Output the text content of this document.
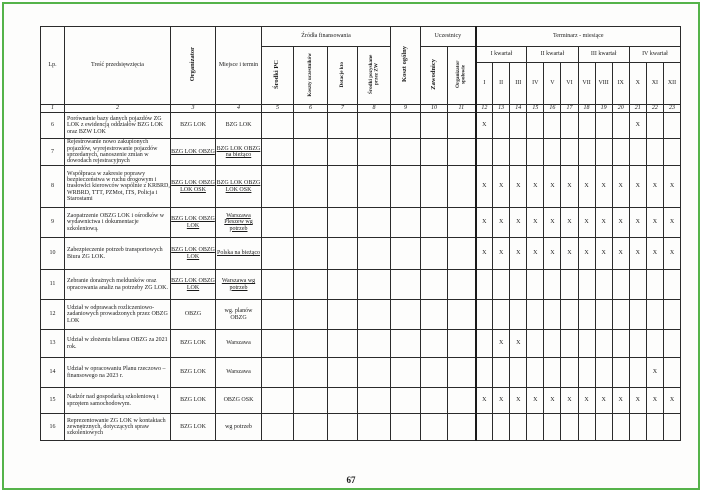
Lp.	Treść przedsięwzięcia	Organizator	Miejsce i termin	Źródła finansowania				Koszt ogólny	Uczestnicy		Terminarz - miesiące											
				Środki PC	Koszty uczestników	Dotacje kto	Środki pozyskane przez ZW		Zawodnicy	Organizator społowie	I kwartał			II kwartał			III kwartał			IV kwartał		
											I	II	III	IV	V	VI	VII	VIII	IX	X	XI	XII
1	2	3	4	5	6	7	8	9	10	11	12	13	14	15	16	17	18	19	20	21	22	23
6	Porównanie bazy danych pojazdów ZG LOK z ewidencją oddziałów BZG LOK oraz BZW LOK	BZG LOK	BZG LOK								X									X		
7	Rejestrowanie nowo zakupionych pojazdów, wyrejestrowanie pojazdów sprzedanych, nanoszenie zmian w dowodach rejestracyjnych	BZG LOK OBZG	BZG LOK OBZG na bieżąco																			
8	Współpraca w zakresie poprawy bezpieczeństwa w ruchu drogowym i trasłowlci kierowców wspólnie z KRBRD, WRBRD, TTT, PZMot, ITS, Policja i Starostami	BZG LOK OBZG LOK OSK	BZG LOK OBZG LOK OSK								X	X	X	X	X	X	X	X	X	X	X	X
9	Zaopatrzenie OBZG LOK i ośrodków w wydawnictwa i dokumentacje szkoleniową.	BZG LOK OBZG LOK	Warszawa Pleszew wg potrzeb								X	X	X	X	X	X	X	X	X	X	X	X
10	Zabezpieczenie potrzeb transportowych Biura ZG LOK.	BZG LOK OBZG LOK	Polska na bieżąco								X	X	X	X	X	X	X	X	X	X	X	X
11	Zebranie dorażnych meldunków oraz opracowania analiz na potrzeby ZG LOK.	BZG LOK OBZG LOK	Warszawa wg potrzeb																			
12	Udział w odprawach rozliczeniowo-zadaniowych prowadzonych przez OBZG LOK	OBZG	wg. planów OBZG																			
13	Udział w złożeniu bilansu OBZG za 2021 rok.	BZG LOK	Warszawa									X	X									
14	Udział w opracowaniu Planu rzeczowo – finansowego na 2023 r.	BZG LOK	Warszawa																		X	
15	Nadzór nad gospodarką szkoleniową i sprzętem samochodowym.	BZG LOK	OBZG OSK								X	X	X	X	X	X	X	X	X	X	X	X
16	Reprezentowanie ZG LOK w kontaktach zewnętrznych, dotyczących spraw szkoleniowych	BZG LOK	wg potrzeb																			
67
